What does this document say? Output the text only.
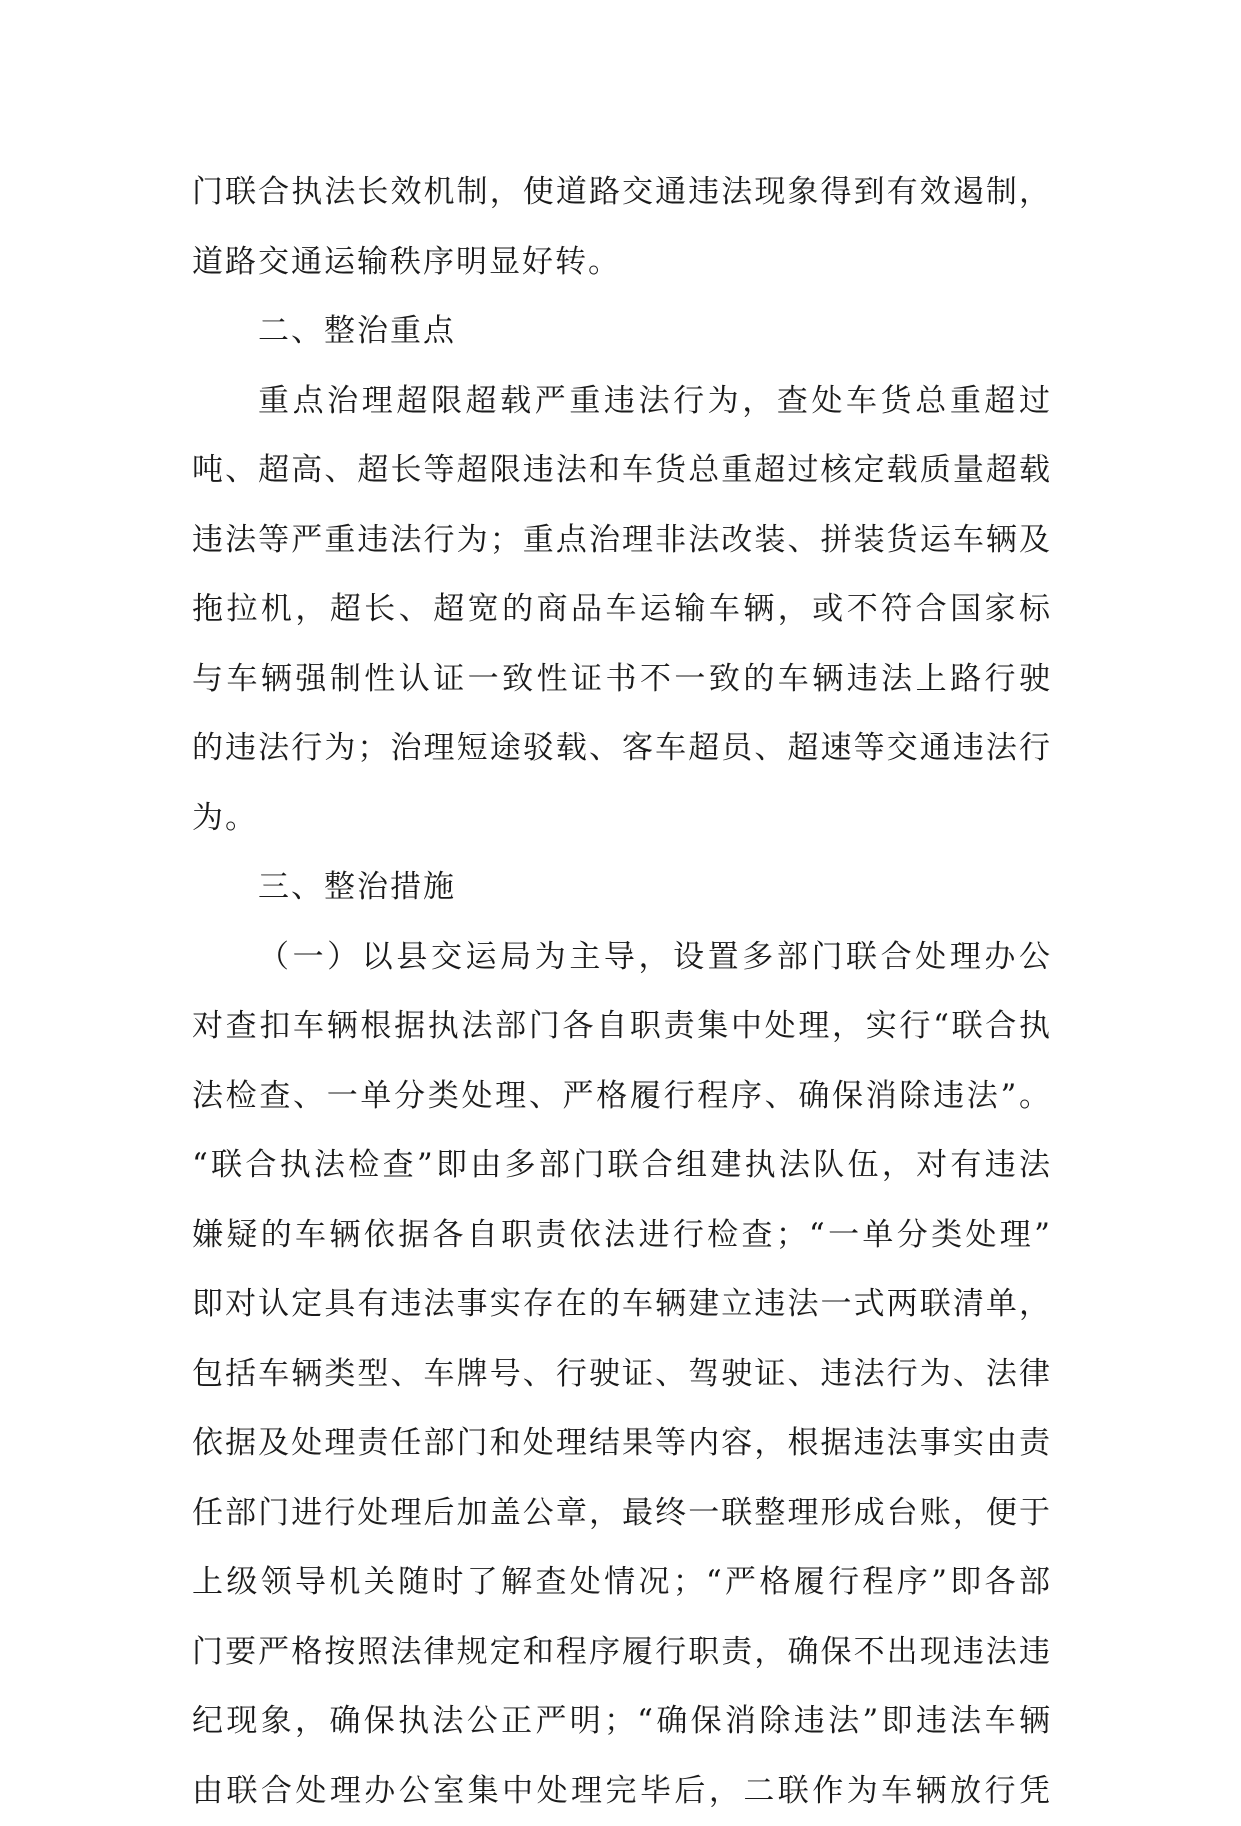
门联合执法长效机制，使道路交通违法现象得到有效遏制，
道路交通运输秩序明显好转。
二、整治重点
重点治理超限超载严重违法行为，查处车货总重超过
吨、超高、超长等超限违法和车货总重超过核定载质量超载
违法等严重违法行为；重点治理非法改装、拼装货运车辆及
拖拉机，超长、超宽的商品车运输车辆，或不符合国家标
与车辆强制性认证一致性证书不一致的车辆违法上路行驶
的违法行为；治理短途驳载、客车超员、超速等交通违法行
为。
三、整治措施
（一）以县交运局为主导，设置多部门联合处理办公
对查扣车辆根据执法部门各自职责集中处理，实行“联合执
法检查、一单分类处理、严格履行程序、确保消除违法”。
“联合执法检查”即由多部门联合组建执法队伍，对有违法
嫌疑的车辆依据各自职责依法进行检查；“一单分类处理”
即对认定具有违法事实存在的车辆建立违法一式两联清单，
包括车辆类型、车牌号、行驶证、驾驶证、违法行为、法律
依据及处理责任部门和处理结果等内容，根据违法事实由责
任部门进行处理后加盖公章，最终一联整理形成台账，便于
上级领导机关随时了解查处情况；“严格履行程序”即各部
门要严格按照法律规定和程序履行职责，确保不出现违法违
纪现象，确保执法公正严明；“确保消除违法”即违法车辆
由联合处理办公室集中处理完毕后，二联作为车辆放行凭
